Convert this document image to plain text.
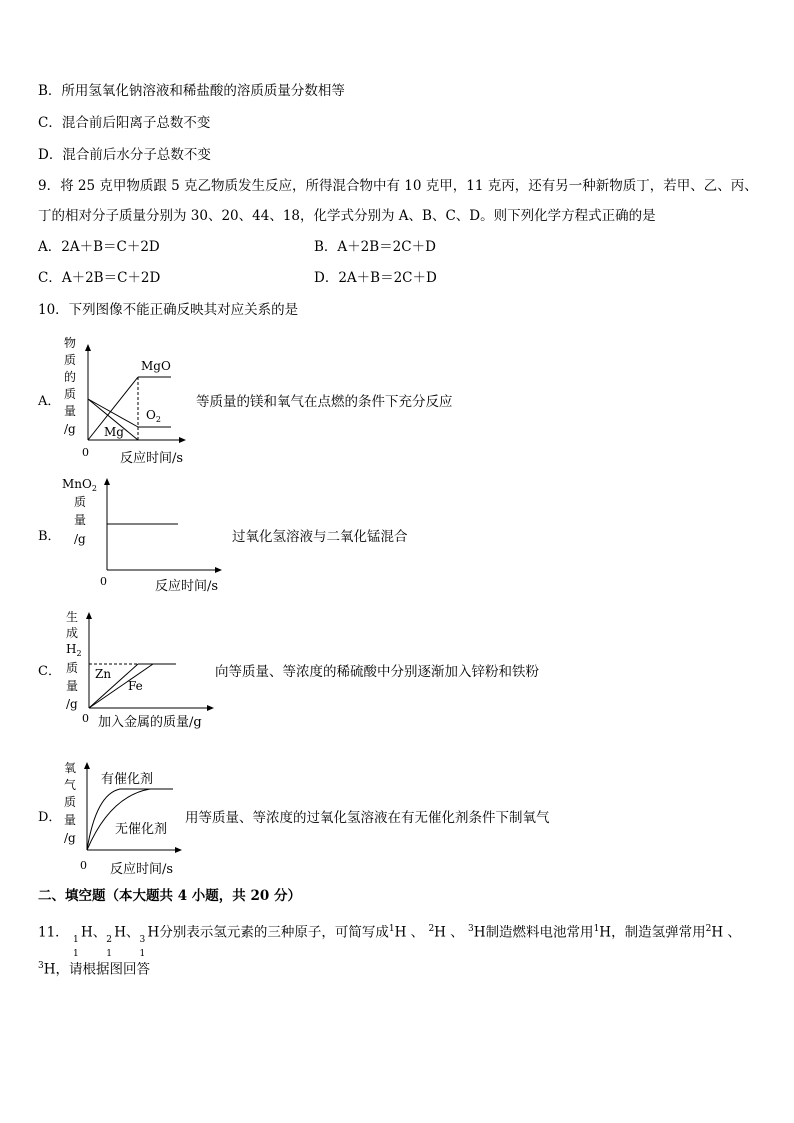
B．所用氢氧化钠溶液和稀盐酸的溶质质量分数相等
C．混合前后阳离子总数不变
D．混合前后水分子总数不变
9．将 25 克甲物质跟 5 克乙物质发生反应，所得混合物中有 10 克甲，11 克丙，还有另一种新物质丁，若甲、乙、丙、
丁的相对分子质量分别为 30、20、44、18，化学式分别为 A、B、C、D。则下列化学方程式正确的是
A．2A＋B＝C＋2D	B．A＋2B＝2C＋D
C．A＋2B＝C＋2D	D．2A＋B＝2C＋D
10．下列图像不能正确反映其对应关系的是
A．
物
质
的
质
量
/g
0
MgO
$O_2$
Mg
反应时间/s
等质量的镁和氧气在点燃的条件下充分反应
B．
MnO$_2$
质
量
/g
0	反应时间/s
过氧化氢溶液与二氧化锰混合
C．
生
成
$H_2$
质
量
/g
Zn
Fe
0 加入金属的质量/g
向等质量、等浓度的稀硫酸中分别逐渐加入锌粉和铁粉
D．
氧
气
质
量
/g
0
有催化剂
无催化剂
反应时间/s
用等质量、等浓度的过氧化氢溶液在有无催化剂条件下制氧气
二、填空题（本大题共 4 小题，共 20 分）
11． 1
1
H、 2
1
H、 3
1
H分别表示氢元素的三种原子，可简写成$^1$H 、 $^2$H 、 $^3$H制造燃料电池常用$^1$H，制造氢弹常用$^2$H 、
$^3$H，请根据图回答
